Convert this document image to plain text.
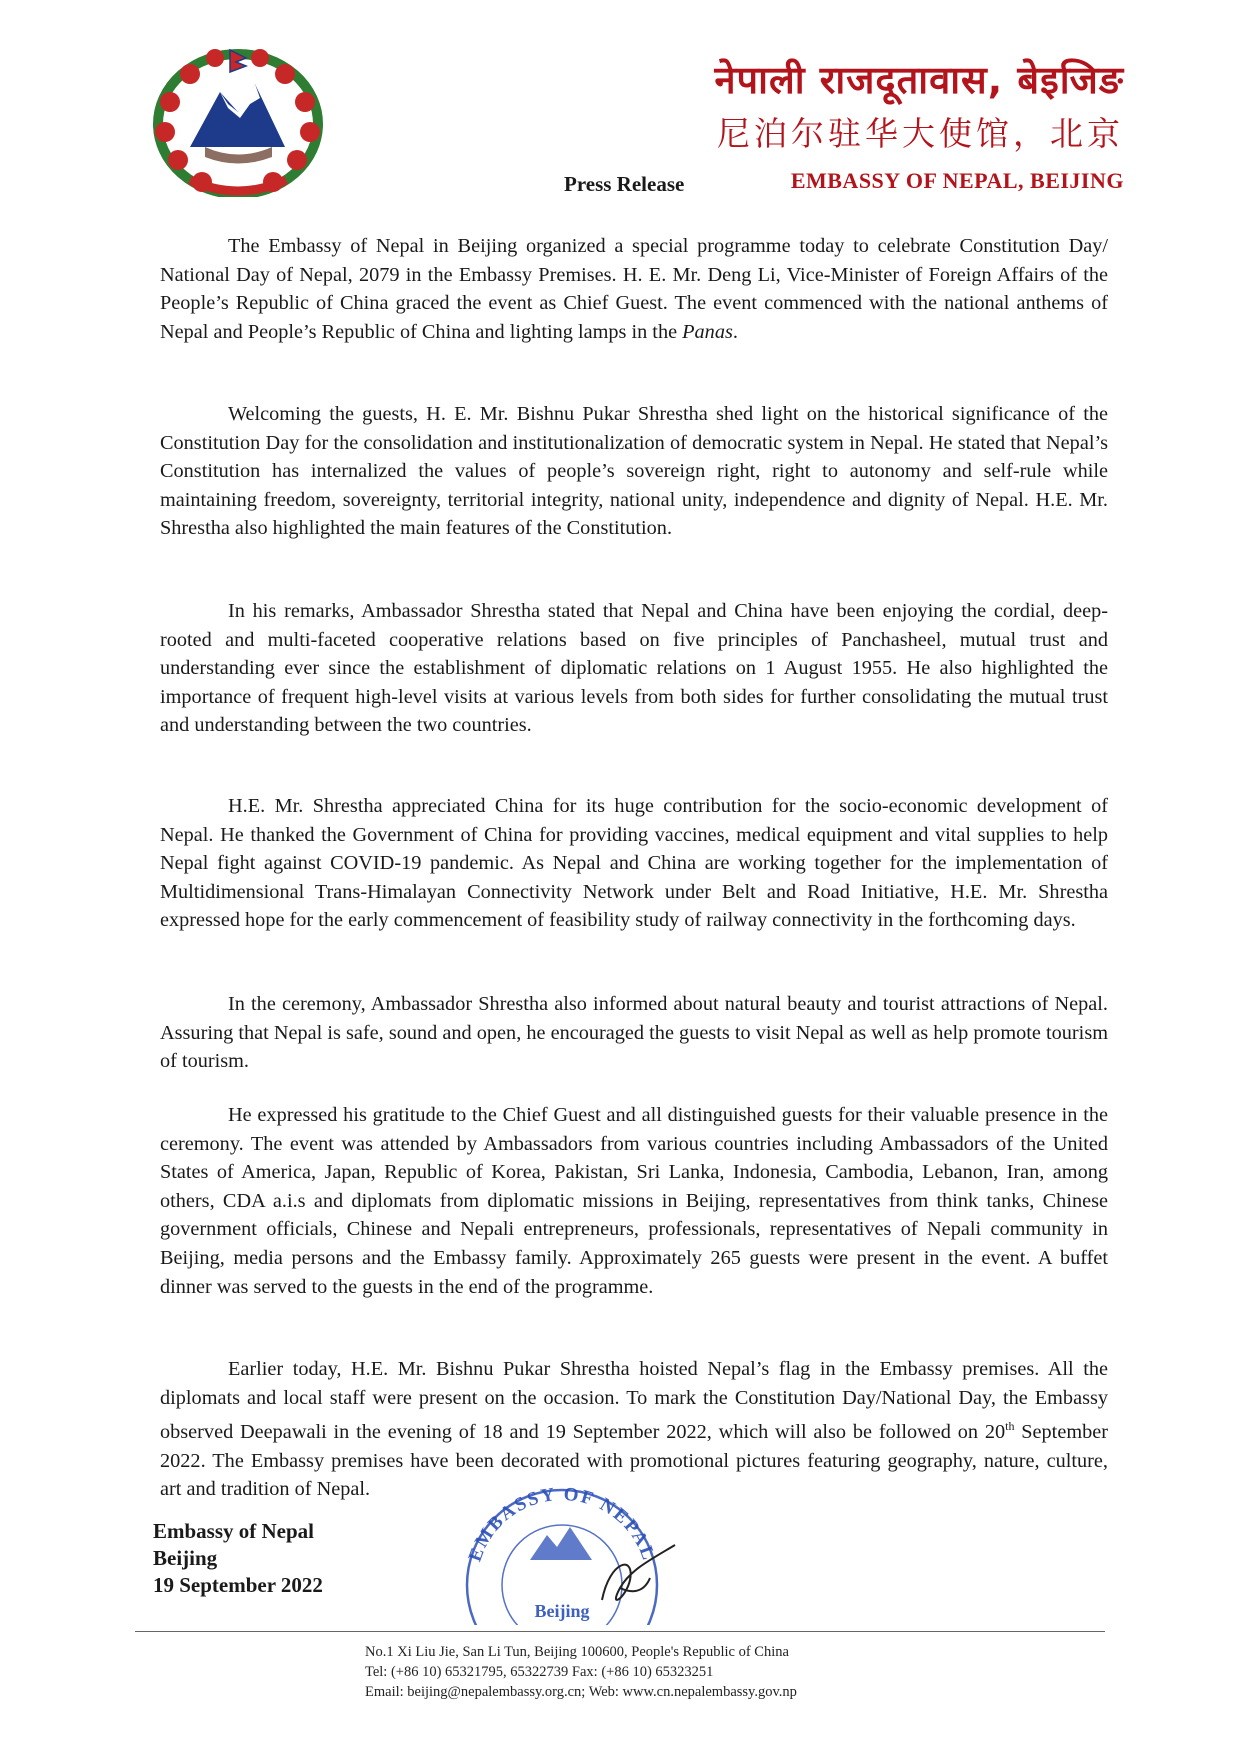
नेपाली राजदूतावास, बेइजिङ
尼泊尔驻华大使馆，北京
EMBASSY OF NEPAL, BEIJING
Press Release

The Embassy of Nepal in Beijing organized a special programme today to celebrate Constitution Day/ National Day of Nepal, 2079 in the Embassy Premises. H. E. Mr. Deng Li, Vice-Minister of Foreign Affairs of the People’s Republic of China graced the event as Chief Guest. The event commenced with the national anthems of Nepal and People’s Republic of China and lighting lamps in the Panas.

Welcoming the guests, H. E. Mr. Bishnu Pukar Shrestha shed light on the historical significance of the Constitution Day for the consolidation and institutionalization of democratic system in Nepal. He stated that Nepal’s Constitution has internalized the values of people’s sovereign right, right to autonomy and self-rule while maintaining freedom, sovereignty, territorial integrity, national unity, independence and dignity of Nepal. H.E. Mr. Shrestha also highlighted the main features of the Constitution.

In his remarks, Ambassador Shrestha stated that Nepal and China have been enjoying the cordial, deep-rooted and multi-faceted cooperative relations based on five principles of Panchasheel, mutual trust and understanding ever since the establishment of diplomatic relations on 1 August 1955. He also highlighted the importance of frequent high-level visits at various levels from both sides for further consolidating the mutual trust and understanding between the two countries.

H.E. Mr. Shrestha appreciated China for its huge contribution for the socio-economic development of Nepal. He thanked the Government of China for providing vaccines, medical equipment and vital supplies to help Nepal fight against COVID-19 pandemic. As Nepal and China are working together for the implementation of Multidimensional Trans-Himalayan Connectivity Network under Belt and Road Initiative, H.E. Mr. Shrestha expressed hope for the early commencement of feasibility study of railway connectivity in the forthcoming days.

In the ceremony, Ambassador Shrestha also informed about natural beauty and tourist attractions of Nepal. Assuring that Nepal is safe, sound and open, he encouraged the guests to visit Nepal as well as help promote tourism of tourism.

He expressed his gratitude to the Chief Guest and all distinguished guests for their valuable presence in the ceremony. The event was attended by Ambassadors from various countries including Ambassadors of the United States of America, Japan, Republic of Korea, Pakistan, Sri Lanka, Indonesia, Cambodia, Lebanon, Iran, among others, CDA a.i.s and diplomats from diplomatic missions in Beijing, representatives from think tanks, Chinese government officials, Chinese and Nepali entrepreneurs, professionals, representatives of Nepali community in Beijing, media persons and the Embassy family. Approximately 265 guests were present in the event. A buffet dinner was served to the guests in the end of the programme.

Earlier today, H.E. Mr. Bishnu Pukar Shrestha hoisted Nepal’s flag in the Embassy premises. All the diplomats and local staff were present on the occasion. To mark the Constitution Day/National Day, the Embassy observed Deepawali in the evening of 18 and 19 September 2022, which will also be followed on 20th September 2022. The Embassy premises have been decorated with promotional pictures featuring geography, nature, culture, art and tradition of Nepal.

Embassy of Nepal
Beijing
19 September 2022
EMBASSY OF NEPAL
Beijing
No.1 Xi Liu Jie, San Li Tun, Beijing 100600, People's Republic of China
Tel: (+86 10) 65321795, 65322739 Fax: (+86 10) 65323251
Email: beijing@nepalembassy.org.cn; Web: www.cn.nepalembassy.gov.np
